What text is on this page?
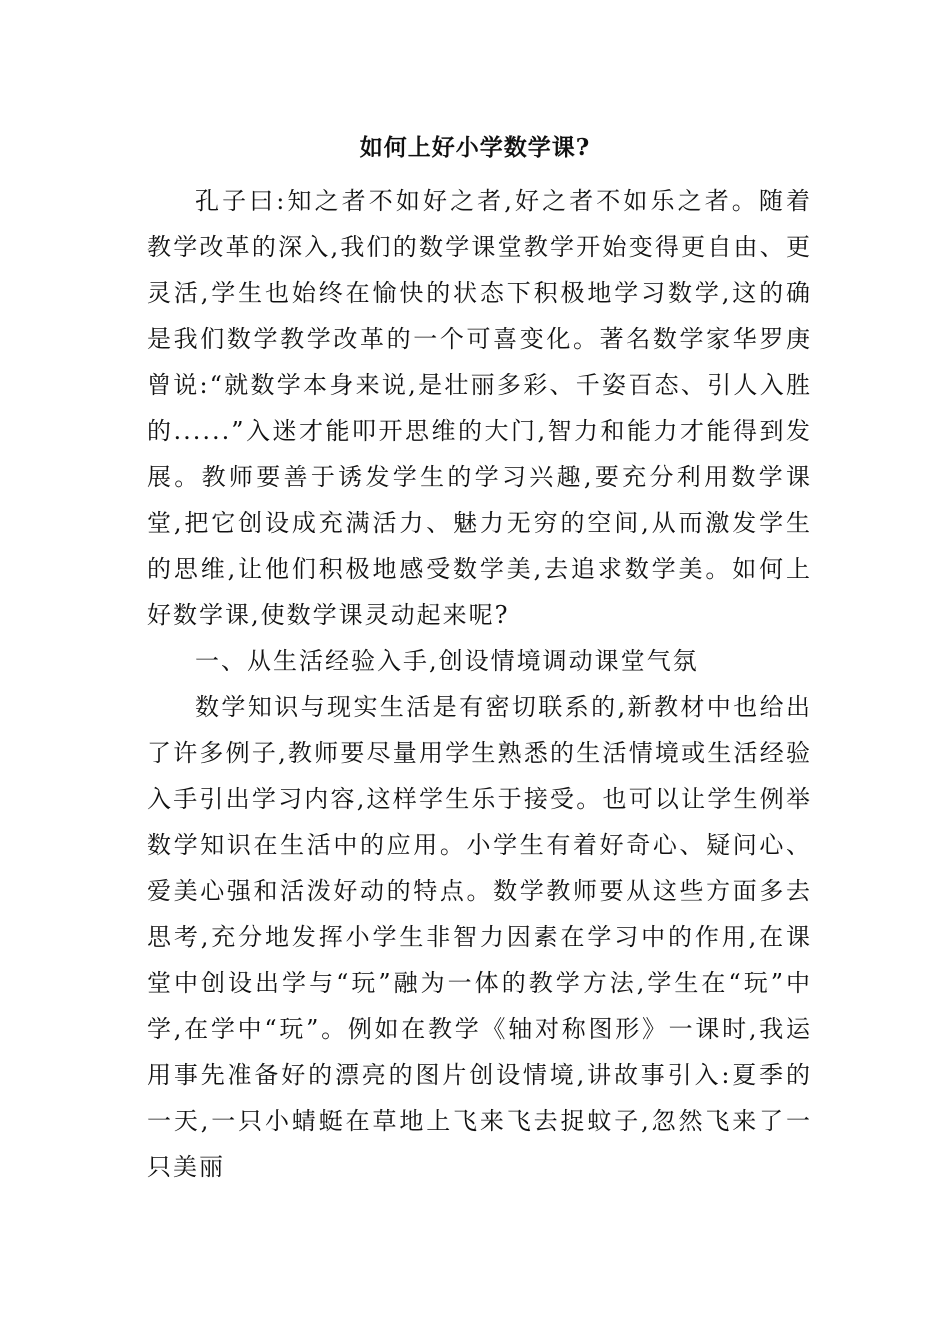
如何上好小学数学课?

孔子曰:知之者不如好之者,好之者不如乐之者。随着教学改革的深入,我们的数学课堂教学开始变得更自由、更灵活,学生也始终在愉快的状态下积极地学习数学,这的确是我们数学教学改革的一个可喜变化。著名数学家华罗庚曾说:“就数学本身来说,是壮丽多彩、千姿百态、引人入胜的......”入迷才能叩开思维的大门,智力和能力才能得到发展。教师要善于诱发学生的学习兴趣,要充分利用数学课堂,把它创设成充满活力、魅力无穷的空间,从而激发学生的思维,让他们积极地感受数学美,去追求数学美。如何上好数学课,使数学课灵动起来呢?

一、从生活经验入手,创设情境调动课堂气氛

数学知识与现实生活是有密切联系的,新教材中也给出了许多例子,教师要尽量用学生熟悉的生活情境或生活经验入手引出学习内容,这样学生乐于接受。也可以让学生例举数学知识在生活中的应用。小学生有着好奇心、疑问心、爱美心强和活泼好动的特点。数学教师要从这些方面多去思考,充分地发挥小学生非智力因素在学习中的作用,在课堂中创设出学与“玩”融为一体的教学方法,学生在“玩”中学,在学中“玩”。例如在教学《轴对称图形》一课时,我运用事先准备好的漂亮的图片创设情境,讲故事引入:夏季的一天,一只小蜻蜓在草地上飞来飞去捉蚊子,忽然飞来了一只美丽
